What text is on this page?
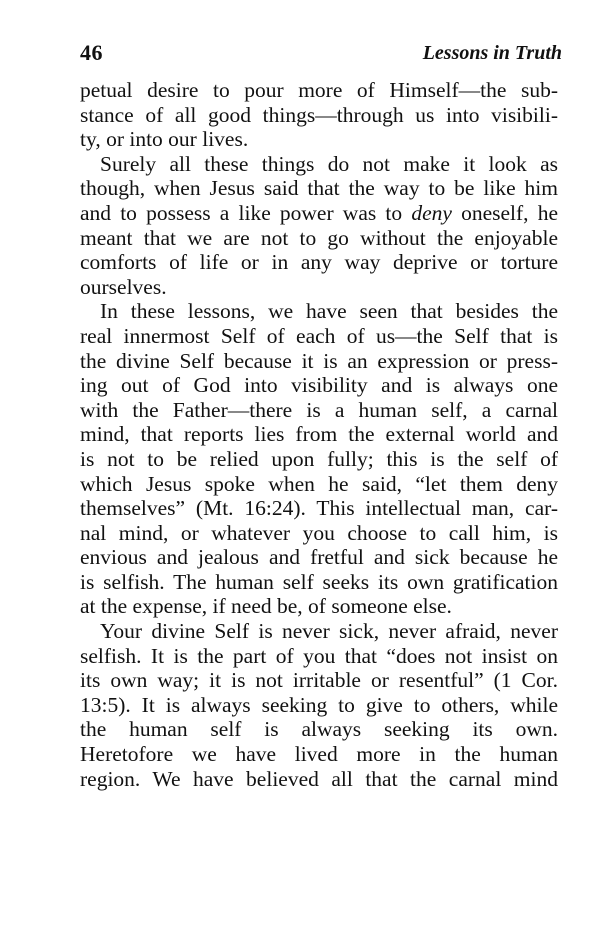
46	Lessons in Truth

petual desire to pour more of Himself—the sub-
stance of all good things—through us into visibili-
ty, or into our lives.

Surely all these things do not make it look as
though, when Jesus said that the way to be like him
and to possess a like power was to deny oneself, he
meant that we are not to go without the enjoyable
comforts of life or in any way deprive or torture
ourselves.

In these lessons, we have seen that besides the
real innermost Self of each of us—the Self that is
the divine Self because it is an expression or press-
ing out of God into visibility and is always one
with the Father—there is a human self, a carnal
mind, that reports lies from the external world and
is not to be relied upon fully; this is the self of
which Jesus spoke when he said, “let them deny
themselves” (Mt. 16:24). This intellectual man, car-
nal mind, or whatever you choose to call him, is
envious and jealous and fretful and sick because he
is selfish. The human self seeks its own gratification
at the expense, if need be, of someone else.

Your divine Self is never sick, never afraid, never
selfish. It is the part of you that “does not insist on
its own way; it is not irritable or resentful” (1 Cor.
13:5). It is always seeking to give to others, while
the human self is always seeking its own.
Heretofore we have lived more in the human
region. We have believed all that the carnal mind
